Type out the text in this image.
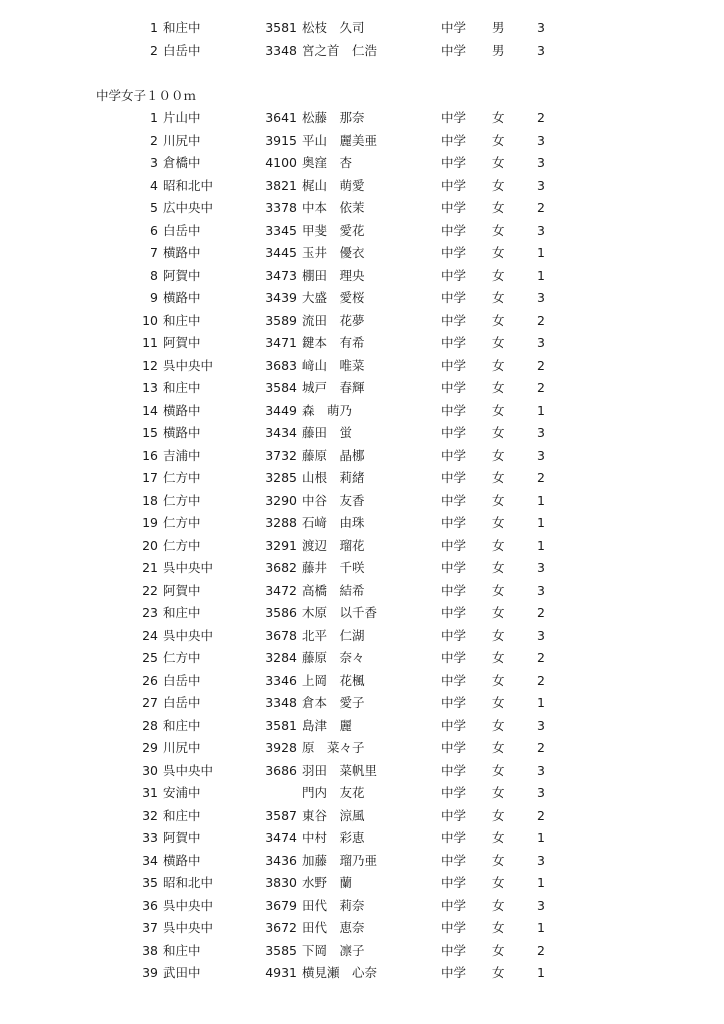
1 和庄中	3581 松枝　久司	中学 男	3
2 白岳中	3348 宮之首　仁浩	中学 男	3
中学女子１００ｍ
1 片山中	3641 松藤　那奈	中学 女	2
2 川尻中	3915 平山　麗美亜	中学 女	3
3 倉橋中	4100 奥窪　杏	中学 女	3
4 昭和北中	3821 梶山　萌愛	中学 女	3
5 広中央中	3378 中本　依茉	中学 女	2
6 白岳中	3345 甲斐　愛花	中学 女	3
7 横路中	3445 玉井　優衣	中学 女	1
8 阿賀中	3473 棚田　理央	中学 女	1
9 横路中	3439 大盛　愛桜	中学 女	3
10 和庄中	3589 流田　花夢	中学 女	2
11 阿賀中	3471 鍵本　有希	中学 女	3
12 呉中央中	3683 﨑山　唯菜	中学 女	2
13 和庄中	3584 城戸　春輝	中学 女	2
14 横路中	3449 森　萌乃	中学 女	1
15 横路中	3434 藤田　蛍	中学 女	3
16 吉浦中	3732 藤原　晶梛	中学 女	3
17 仁方中	3285 山根　莉緒	中学 女	2
18 仁方中	3290 中谷　友香	中学 女	1
19 仁方中	3288 石﨑　由珠	中学 女	1
20 仁方中	3291 渡辺　瑠花	中学 女	1
21 呉中央中	3682 藤井　千咲	中学 女	3
22 阿賀中	3472 高橋　結希	中学 女	3
23 和庄中	3586 木原　以千香	中学 女	2
24 呉中央中	3678 北平　仁湖	中学 女	3
25 仁方中	3284 藤原　奈々	中学 女	2
26 白岳中	3346 上岡　花楓	中学 女	2
27 白岳中	3348 倉本　愛子	中学 女	1
28 和庄中	3581 島津　麗	中学 女	3
29 川尻中	3928 原　菜々子	中学 女	2
30 呉中央中	3686 羽田　菜帆里	中学 女	3
31 安浦中	門内　友花	中学 女	3
32 和庄中	3587 東谷　涼風	中学 女	2
33 阿賀中	3474 中村　彩恵	中学 女	1
34 横路中	3436 加藤　瑠乃亜	中学 女	3
35 昭和北中	3830 水野　蘭	中学 女	1
36 呉中央中	3679 田代　莉奈	中学 女	3
37 呉中央中	3672 田代　恵奈	中学 女	1
38 和庄中	3585 下岡　凛子	中学 女	2
39 武田中	4931 横見瀬　心奈	中学 女	1
